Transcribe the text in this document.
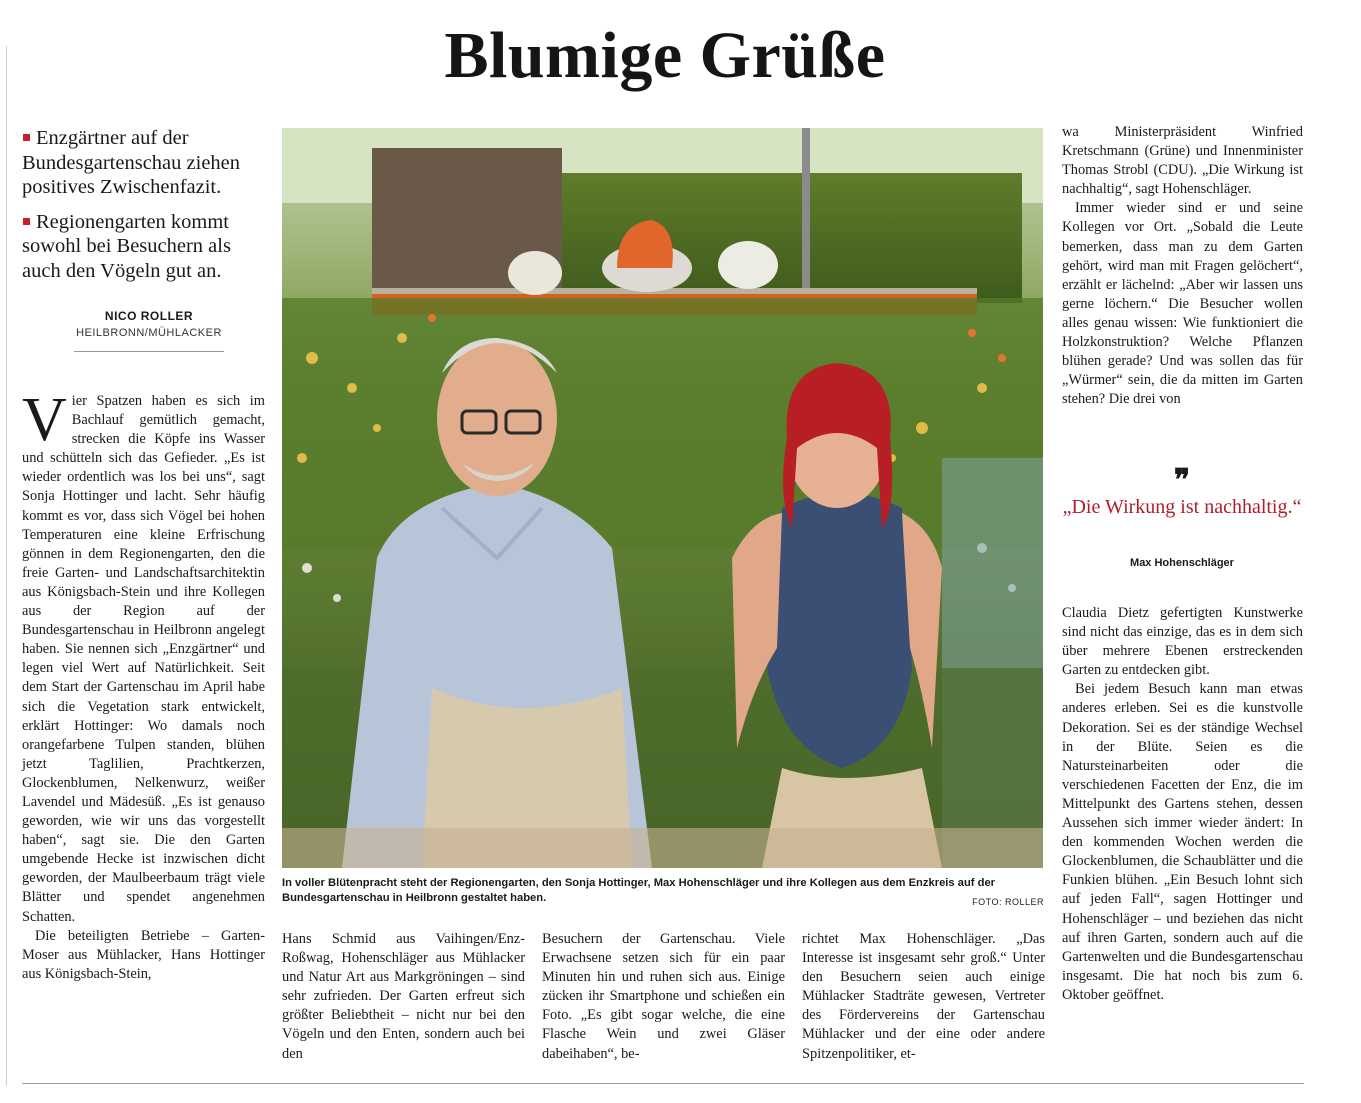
Blumige Grüße

Enzgärtner auf der Bundesgartenschau ziehen positives Zwischenfazit.

Regionengarten kommt sowohl bei Besuchern als auch den Vögeln gut an.

NICO ROLLER
HEILBRONN/MÜHLACKER

Vier Spatzen haben es sich im Bachlauf gemütlich gemacht, strecken die Köpfe ins Wasser und schütteln sich das Gefieder. „Es ist wieder ordentlich was los bei uns“, sagt Sonja Hottinger und lacht. Sehr häufig kommt es vor, dass sich Vögel bei hohen Temperaturen eine kleine Erfrischung gönnen in dem Regionengarten, den die freie Garten- und Landschaftsarchitektin aus Königsbach-Stein und ihre Kollegen aus der Region auf der Bundesgartenschau in Heilbronn angelegt haben. Sie nennen sich „Enzgärtner“ und legen viel Wert auf Natürlichkeit. Seit dem Start der Gartenschau im April habe sich die Vegetation stark entwickelt, erklärt Hottinger: Wo damals noch orangefarbene Tulpen standen, blühen jetzt Taglilien, Prachtkerzen, Glockenblumen, Nelkenwurz, weißer Lavendel und Mädesüß. „Es ist genauso geworden, wie wir uns das vorgestellt haben“, sagt sie. Die den Garten umgebende Hecke ist inzwischen dicht geworden, der Maulbeerbaum trägt viele Blätter und spendet angenehmen Schatten.

Die beteiligten Betriebe – Garten-Moser aus Mühlacker, Hans Hottinger aus Königsbach-Stein,

In voller Blütenpracht steht der Regionengarten, den Sonja Hottinger, Max Hohenschläger und ihre Kollegen aus dem Enzkreis auf der Bundesgartenschau in Heilbronn gestaltet haben.	FOTO: ROLLER

Hans Schmid aus Vaihingen/Enz-Roßwag, Hohenschläger aus Mühlacker und Natur Art aus Markgröningen – sind sehr zufrieden. Der Garten erfreut sich größter Beliebtheit – nicht nur bei den Vögeln und den Enten, sondern auch bei den

Besuchern der Gartenschau. Viele Erwachsene setzen sich für ein paar Minuten hin und ruhen sich aus. Einige zücken ihr Smartphone und schießen ein Foto. „Es gibt sogar welche, die eine Flasche Wein und zwei Gläser dabeihaben“, be-

richtet Max Hohenschläger. „Das Interesse ist insgesamt sehr groß.“ Unter den Besuchern seien auch einige Mühlacker Stadträte gewesen, Vertreter des Fördervereins der Gartenschau Mühlacker und der eine oder andere Spitzenpolitiker, et-

wa Ministerpräsident Winfried Kretschmann (Grüne) und Innenminister Thomas Strobl (CDU). „Die Wirkung ist nachhaltig“, sagt Hohenschläger.

Immer wieder sind er und seine Kollegen vor Ort. „Sobald die Leute bemerken, dass man zu dem Garten gehört, wird man mit Fragen gelöchert“, erzählt er lächelnd: „Aber wir lassen uns gerne löchern.“ Die Besucher wollen alles genau wissen: Wie funktioniert die Holzkonstruktion? Welche Pflanzen blühen gerade? Und was sollen das für „Würmer“ sein, die da mitten im Garten stehen? Die drei von

❞
„Die Wirkung ist nachhaltig.“
Max Hohenschläger

Claudia Dietz gefertigten Kunstwerke sind nicht das einzige, das es in dem sich über mehrere Ebenen erstreckenden Garten zu entdecken gibt.

Bei jedem Besuch kann man etwas anderes erleben. Sei es die kunstvolle Dekoration. Sei es der ständige Wechsel in der Blüte. Seien es die Natursteinarbeiten oder die verschiedenen Facetten der Enz, die im Mittelpunkt des Gartens stehen, dessen Aussehen sich immer wieder ändert: In den kommenden Wochen werden die Glockenblumen, die Schaublätter und die Funkien blühen. „Ein Besuch lohnt sich auf jeden Fall“, sagen Hottinger und Hohenschläger – und beziehen das nicht auf ihren Garten, sondern auch auf die Gartenwelten und die Bundesgartenschau insgesamt. Die hat noch bis zum 6. Oktober geöffnet.
